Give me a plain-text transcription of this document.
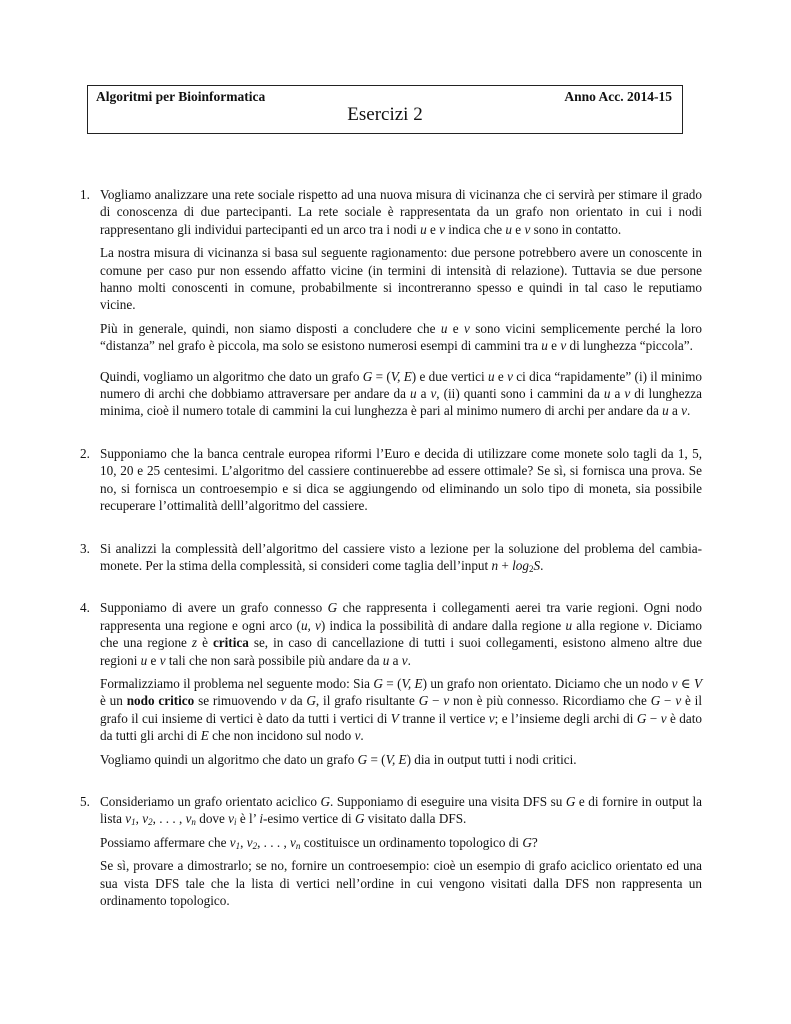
Algoritmi per Bioinformatica	Anno Acc. 2014-15
Esercizi 2
1. Vogliamo analizzare una rete sociale rispetto ad una nuova misura di vicinanza che ci servirà per stimare il grado di conoscenza di due partecipanti. La rete sociale è rappresentata da un grafo non orientato in cui i nodi rappresentano gli individui partecipanti ed un arco tra i nodi u e v indica che u e v sono in contatto.

La nostra misura di vicinanza si basa sul seguente ragionamento: due persone potrebbero avere un conoscente in comune per caso pur non essendo affatto vicine (in termini di intensità di relazione). Tuttavia se due persone hanno molti conoscenti in comune, probabilmente si incontreranno spesso e quindi in tal caso le reputiamo vicine.

Più in generale, quindi, non siamo disposti a concludere che u e v sono vicini semplicemente perché la loro “distanza” nel grafo è piccola, ma solo se esistono numerosi esempi di cammini tra u e v di lunghezza “piccola”.

Quindi, vogliamo un algoritmo che dato un grafo G = (V, E) e due vertici u e v ci dica “rapidamente” (i) il minimo numero di archi che dobbiamo attraversare per andare da u a v, (ii) quanti sono i cammini da u a v di lunghezza minima, cioè il numero totale di cammini la cui lunghezza è pari al minimo numero di archi per andare da u a v.

2. Supponiamo che la banca centrale europea riformi l’Euro e decida di utilizzare come monete solo tagli da 1, 5, 10, 20 e 25 centesimi. L’algoritmo del cassiere continuerebbe ad essere ottimale? Se sì, si fornisca una prova. Se no, si fornisca un controesempio e si dica se aggiungendo od eliminando un solo tipo di moneta, sia possibile recuperare l’ottimalità delll’algoritmo del cassiere.

3. Si analizzi la complessità dell’algoritmo del cassiere visto a lezione per la soluzione del problema del cambia-monete. Per la stima della complessità, si consideri come taglia dell’input $n + \log_2S$.

4. Supponiamo di avere un grafo connesso G che rappresenta i collegamenti aerei tra varie regioni. Ogni nodo rappresenta una regione e ogni arco (u, v) indica la possibilità di andare dalla regione u alla regione v. Diciamo che una regione z è critica se, in caso di cancellazione di tutti i suoi collegamenti, esistono almeno altre due regioni u e v tali che non sarà possibile più andare da u a v.

Formalizziamo il problema nel seguente modo: Sia G = (V, E) un grafo non orientato. Diciamo che un nodo v ∈ V è un nodo critico se rimuovendo v da G, il grafo risultante G − v non è più connesso. Ricordiamo che G − v è il grafo il cui insieme di vertici è dato da tutti i vertici di V tranne il vertice v; e l’insieme degli archi di G − v è dato da tutti gli archi di E che non incidono sul nodo v.

Vogliamo quindi un algoritmo che dato un grafo G = (V, E) dia in output tutti i nodi critici.

5. Consideriamo un grafo orientato aciclico G. Supponiamo di eseguire una visita DFS su G e di fornire in output la lista $v_1$, $v_2$, . . . , $v_n$ dove $v_i$ è l’ i-esimo vertice di G visitato dalla DFS.

Possiamo affermare che $v_1$, $v_2$, . . . , $v_n$ costituisce un ordinamento topologico di G?

Se sì, provare a dimostrarlo; se no, fornire un controesempio: cioè un esempio di grafo aciclico orientato ed una sua vista DFS tale che la lista di vertici nell’ordine in cui vengono visitati dalla DFS non rappresenta un ordinamento topologico.
